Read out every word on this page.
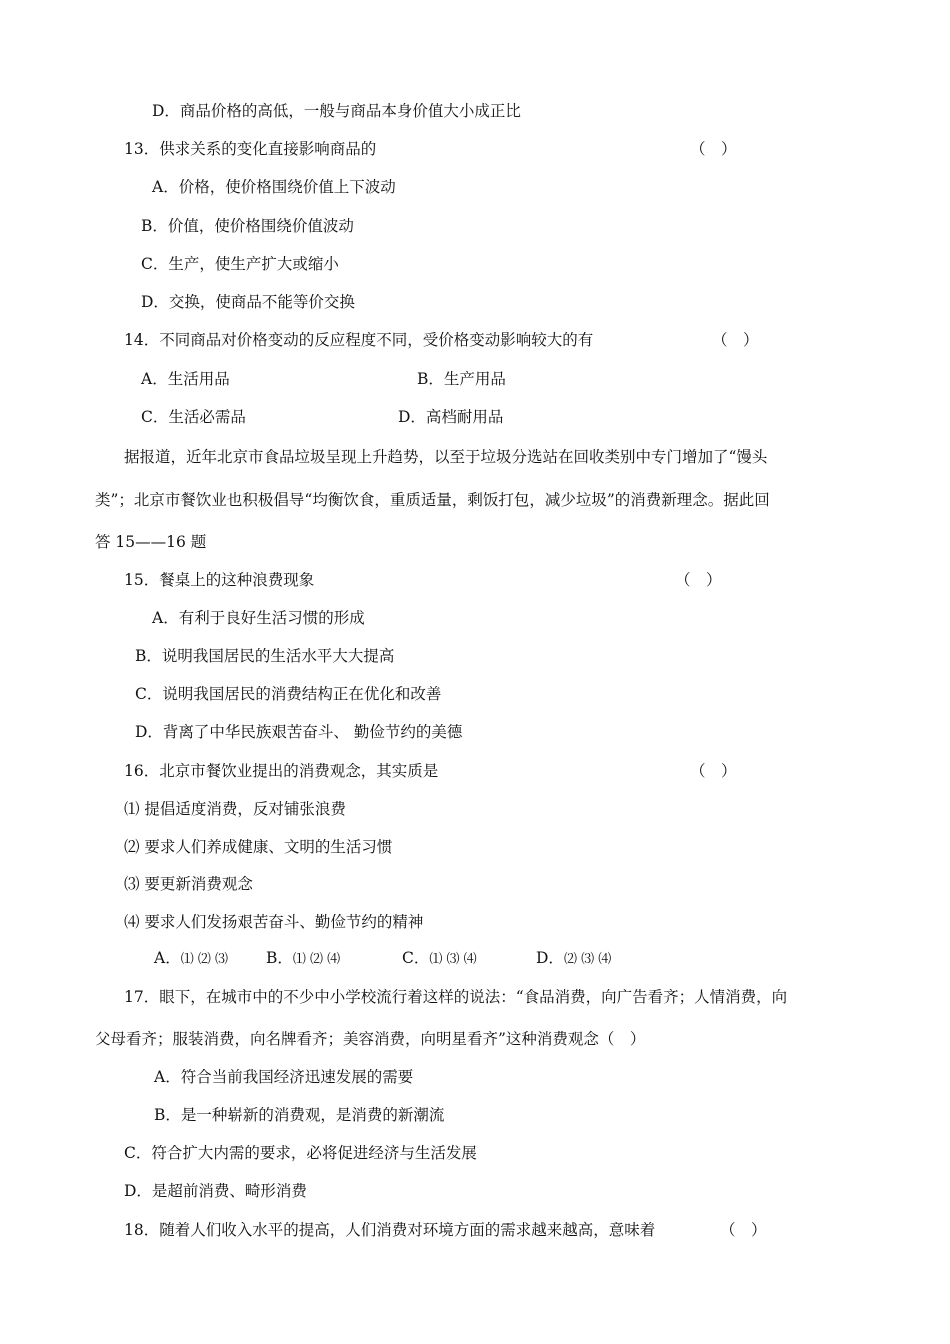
D．商品价格的高低，一般与商品本身价值大小成正比
13．供求关系的变化直接影响商品的	（　）
A．价格，使价格围绕价值上下波动
B．价值，使价格围绕价值波动
C．生产，使生产扩大或缩小
D．交换，使商品不能等价交换
14．不同商品对价格变动的反应程度不同，受价格变动影响较大的有	（　）
A．生活用品	B．生产用品
C．生活必需品	D．高档耐用品
据报道，近年北京市食品垃圾呈现上升趋势，以至于垃圾分选站在回收类别中专门增加了“馒头
类”；北京市餐饮业也积极倡导“均衡饮食，重质适量，剩饭打包，减少垃圾”的消费新理念。据此回
答 15——16 题
15．餐桌上的这种浪费现象	（　）
A．有利于良好生活习惯的形成
B．说明我国居民的生活水平大大提高
C．说明我国居民的消费结构正在优化和改善
D．背离了中华民族艰苦奋斗、 勤俭节约的美德
16．北京市餐饮业提出的消费观念，其实质是	（　）
⑴ 提倡适度消费，反对铺张浪费
⑵ 要求人们养成健康、文明的生活习惯
⑶ 要更新消费观念
⑷ 要求人们发扬艰苦奋斗、勤俭节约的精神
A．⑴ ⑵ ⑶ B．⑴ ⑵ ⑷	C．⑴ ⑶ ⑷	D．⑵ ⑶ ⑷
17．眼下，在城市中的不少中小学校流行着这样的说法：“食品消费，向广告看齐；人情消费，向
父母看齐；服装消费，向名牌看齐；美容消费，向明星看齐”这种消费观念（　）
A．符合当前我国经济迅速发展的需要
B．是一种崭新的消费观，是消费的新潮流
C．符合扩大内需的要求，必将促进经济与生活发展
D．是超前消费、畸形消费
18．随着人们收入水平的提高，人们消费对环境方面的需求越来越高，意味着	（　）
